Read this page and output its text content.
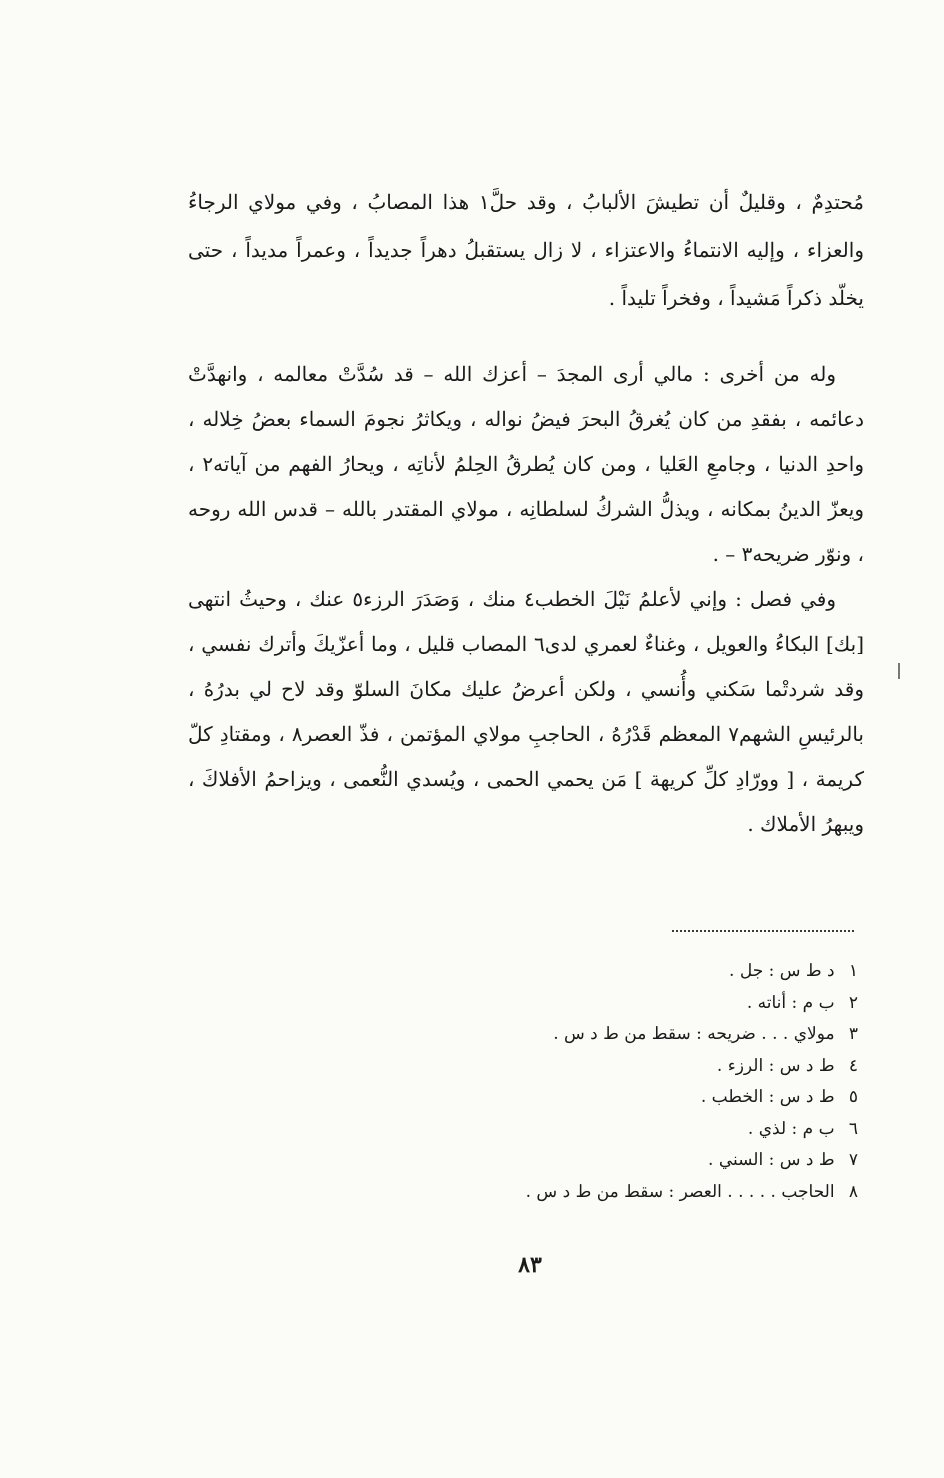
مُحتدِمٌ ، وقليلٌ أن تطيشَ الألبابُ ، وقد حلَّ١ هذا المصابُ ، وفي مولاي الرجاءُ والعزاء ، وإليه الانتماءُ والاعتزاء ، لا زال يستقبلُ دهراً جديداً ، وعمراً مديداً ، حتى يخلّد ذكراً مَشيداً ، وفخراً تليداً .

وله من أخرى : مالي أرى المجدَ – أعزك الله – قد سُدَّتْ معالمه ، وانهدَّتْ دعائمه ، بفقدِ من كان يُغرقُ البحرَ فيضُ نواله ، ويكاثرُ نجومَ السماء بعضُ خِلاله ، واحدِ الدنيا ، وجامعِ العَليا ، ومن كان يُطرقُ الحِلمُ لأناتِه ، ويحارُ الفهم من آياته٢ ، ويعزّ الدينُ بمكانه ، ويذلُّ الشركُ لسلطانِه ، مولاي المقتدر بالله – قدس الله روحه ، ونوّر ضريحه٣ – .

وفي فصل : وإني لأعلمُ نَيْلَ الخطب٤ منك ، وَصَدَرَ الرزء٥ عنك ، وحيثُ انتهى [بك] البكاءُ والعويل ، وغناءٌ لعمري لدى٦ المصاب قليل ، وما أعزّيكَ وأترك نفسي ، وقد شردتْما سَكني وأُنسي ، ولكن أعرضُ عليك مكانَ السلوّ وقد لاح لي بدرُهُ ، بالرئيسِ الشهم٧ المعظم قَدْرُهُ ، الحاجبِ مولاي المؤتمن ، فذّ العصر٨ ، ومقتادِ كلّ كريمة ، [ وورّادِ كلِّ كريهة ] مَن يحمي الحمى ، ويُسدي النُّعمى ، ويزاحمُ الأفلاكَ ، ويبهرُ الأملاك .

١ د ط س : جل .
٢ ب م : أناته .
٣ مولاي . . . ضريحه : سقط من ط د س .
٤ ط د س : الرزء .
٥ ط د س : الخطب .
٦ ب م : لذي .
٧ ط د س : السني .
٨ الحاجب . . . . . العصر : سقط من ط د س .
٨٣
